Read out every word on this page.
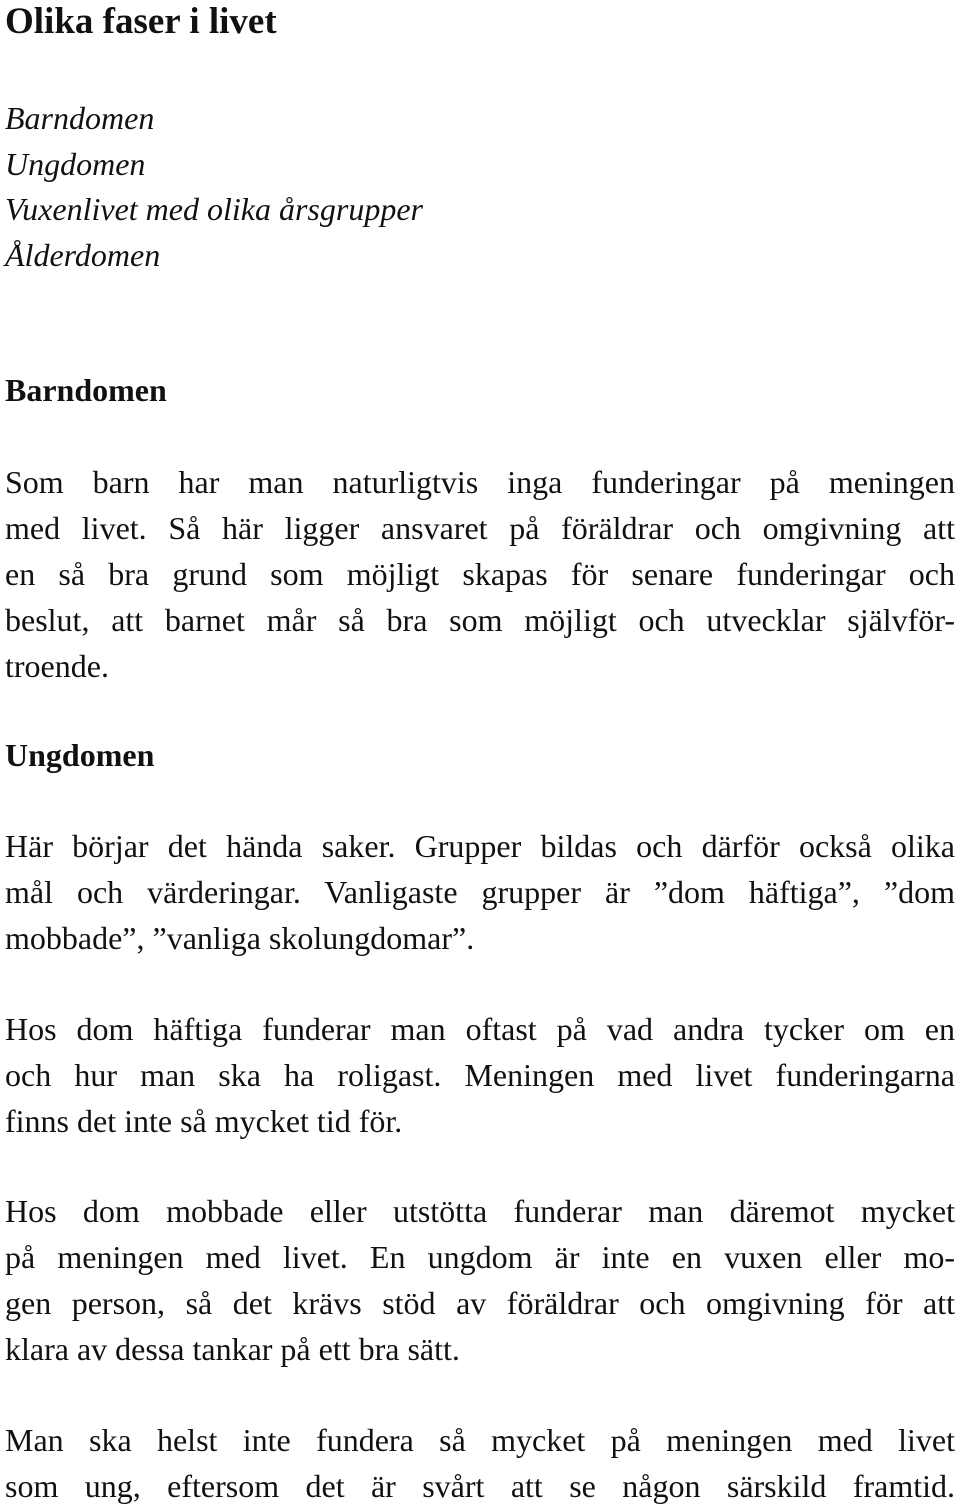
Olika faser i livet
Barndomen
Ungdomen
Vuxenlivet med olika årsgrupper
Ålderdomen
Barndomen

Som barn har man naturligtvis inga funderingar på meningen
med livet. Så här ligger ansvaret på föräldrar och omgivning att
en så bra grund som möjligt skapas för senare funderingar och
beslut, att barnet mår så bra som möjligt och utvecklar självför-
troende.

Ungdomen

Här börjar det hända saker. Grupper bildas och därför också olika
mål och värderingar. Vanligaste grupper är ”dom häftiga”, ”dom
mobbade”, ”vanliga skolungdomar”.

Hos dom häftiga funderar man oftast på vad andra tycker om en
och hur man ska ha roligast. Meningen med livet funderingarna
finns det inte så mycket tid för.

Hos dom mobbade eller utstötta funderar man däremot mycket
på meningen med livet. En ungdom är inte en vuxen eller mo-
gen person, så det krävs stöd av föräldrar och omgivning för att
klara av dessa tankar på ett bra sätt.

Man ska helst inte fundera så mycket på meningen med livet
som ung, eftersom det är svårt att se någon särskild framtid.
